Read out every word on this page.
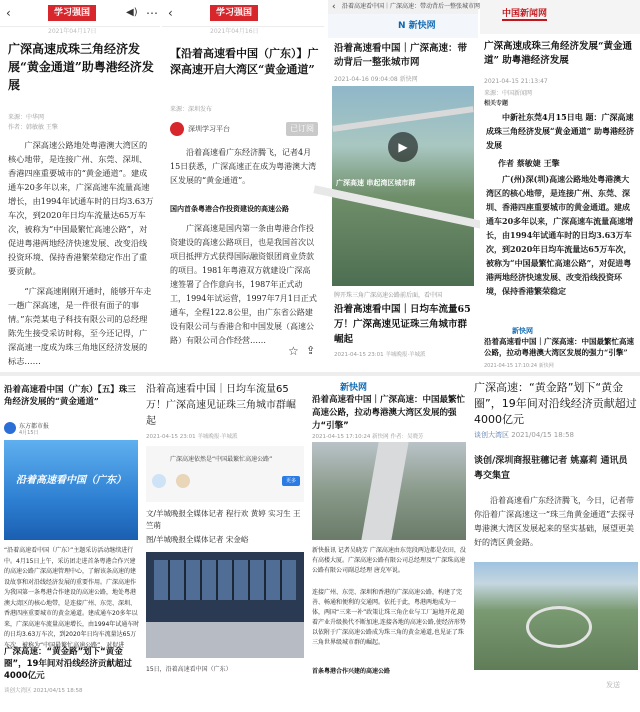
‹	学习强国	◀) ⋯
2021年04月17日
广深高速成珠三角经济发展“黄金通道”助粤港经济发展
来源：中华网
作者：韩敏敏 王擎

广深高速公路地处粤港澳大湾区的核心地带，是连接广州、东莞、深圳、香港四座重要城市的“黄金通道”。建成通车20多年以来，广深高速车流量高速增长，由1994年试通车时的日均3.63万车次，到2020年日均车流量达65万车次，被称为“中国最繁忙高速公路”，对促进粤港两地经济快速发展、改变沿线投资环境、保持香港繁荣稳定作出了重要贡献。

“广深高速刚刚开通时，能够开车走一趟广深高速，是一件很有面子的事情。”东莞某电子科技有限公司的总经理陈先生接受采访时称，至今还记得，广深高速一度成为珠三角地区经济发展的标志……

‹	学习强国
2021年04月16日
【沿着高速看中国（广东）】广深高速开启大湾区“黄金通道”
来源：深圳发布
深圳学习平台	已订阅

沿着高速看广东经济腾飞，记者4月15日获悉，广深高速正在成为粤港澳大湾区发展的“黄金通道”。

国内首条粤港合作投资建设的高速公路

广深高速是国内第一条由粤港合作投资建设的高速公路项目，也是我国首次以项目抵押方式获得国际融资银团商业贷款的项目。1981年粤港双方就建设广深高速签署了合作意向书，1987年正式动工，1994年试运营，1997年7月1日正式通车，全程122.8公里，由广东省公路建设有限公司与香港合和中国发展（高速公路）有限公司合作经营……

☆ ⇪
‹ 沿着高速看中国｜广深高速：带动背后一整张城市网
N 新快网
沿着高速看中国｜广深高速：带动背后一整张城市网
2021-04-16 09:04:08 新快网
▶
广深高速 串起湾区城市群
牌开珠三角广深高速公路前后面，看中国
沿着高速看中国｜日均车流量65万！广深高速见证珠三角城市群崛起
2021-04-15 23:01 羊城晚报·羊城派
中国新闻网
广深高速成珠三角经济发展“黄金通道” 助粤港经济发展
2021-04-15 21:13:47
来源：中国新闻网
相关专题
中新社东莞4月15日电 题：广深高速成珠三角经济发展“黄金通道” 助粤港经济发展
作者 蔡敏婕 王擎
广(州)深(圳)高速公路地处粤港澳大湾区的核心地带，是连接广州、东莞、深圳、香港四座重要城市的黄金通道。建成通车20多年以来，广深高速车流量高速增长，由1994年试通车时的日均3.63万车次，到2020年日均车流量达65万车次，被称为“中国最繁忙高速公路”，对促进粤港两地经济快速发展、改变沿线投资环境，保持香港繁荣稳定
新快网
沿着高速看中国｜广深高速：中国最繁忙高速公路，拉动粤港澳大湾区发展的强力“引擎”
2021-04-15 17:10:24 新快网
沿着高速看中国（广东）【五】珠三角经济发展的“黄金通道”
东方都市报
4月15日
沿着高速看中国（广东）
“沿着高速看中国（广东）”主题采访活动继续进行中。4月15日上午，采访团走进首条粤港合作兴建的高速公路广深高速管理中心，了解该条高速的建设故事和对沿线经济发展的重要作用。广深高速作为我国第一条粤港合作建设的高速公路，地处粤港澳大湾区的核心地带，是连接广州、东莞、深圳、香港四座重要城市的黄金通道。建成通车20多年以来，广深高速车流量高速增长，由1994年试通车时的日均3.63万车次，到2020年日均车流量达65万车次，被称为“中国最繁忙高速公路”，对促进
广深高速：“黄金路”划下“黄金圈”，19年间对沿线经济贡献超过4000亿元
谈创大湾区 2021/04/15 18:58
沿着高速看中国｜日均车流量65万！广深高速见证珠三角城市群崛起
2021-04-15 23:01 羊城晚报·羊城派
广深高速依然是“中国最繁忙高速公路”
更多
文/羊城晚报全媒体记者 程行欢 黄婷 实习生 王竺萌
图/羊城晚报全媒体记者 宋金峪
15日，沿着高速看中国（广东）
新快网
沿着高速看中国｜广深高速：中国最繁忙高速公路，拉动粤港澳大湾区发展的强力“引擎”
2021-04-15 17:10:24 新快网 作者：吴晓芳
新快报讯 记者吴晓芳 广深高速由东莞段两边都是农田，没有高楼大厦。广深高速公路有限公司总经理及“广深珠高速公路有限公司副总经理 唐克军说。
连接广州、东莞、深圳和香港的广深高速公路，构建了完善、畅通和便利的交通网。依托于此，粤港两地成为一体，两国“三来一补”政策让珠三角企业与工厂遍地开花,随着产业升级换代不断加速,连接各地的高速公路,使经济形势以依附于广深高速公路成为珠三角的黄金通道,也见证了珠三角世界级城市群的崛起。
首条粤港合作兴建的高速公路
广深高速：“黄金路”划下“黄金圈”，19年间对沿线经济贡献超过4000亿元
谈创大湾区 2021/04/15 18:58
谈创/深圳商报驻穗记者 姚嘉莉 通讯员 粤交集宣
沿着高速看广东经济腾飞，今日，记者带你沿着广深高速这一“珠三角黄金通道”去探寻粤港澳大湾区发展起来的坚实基础，展望更美好的湾区黄金路。
发送
